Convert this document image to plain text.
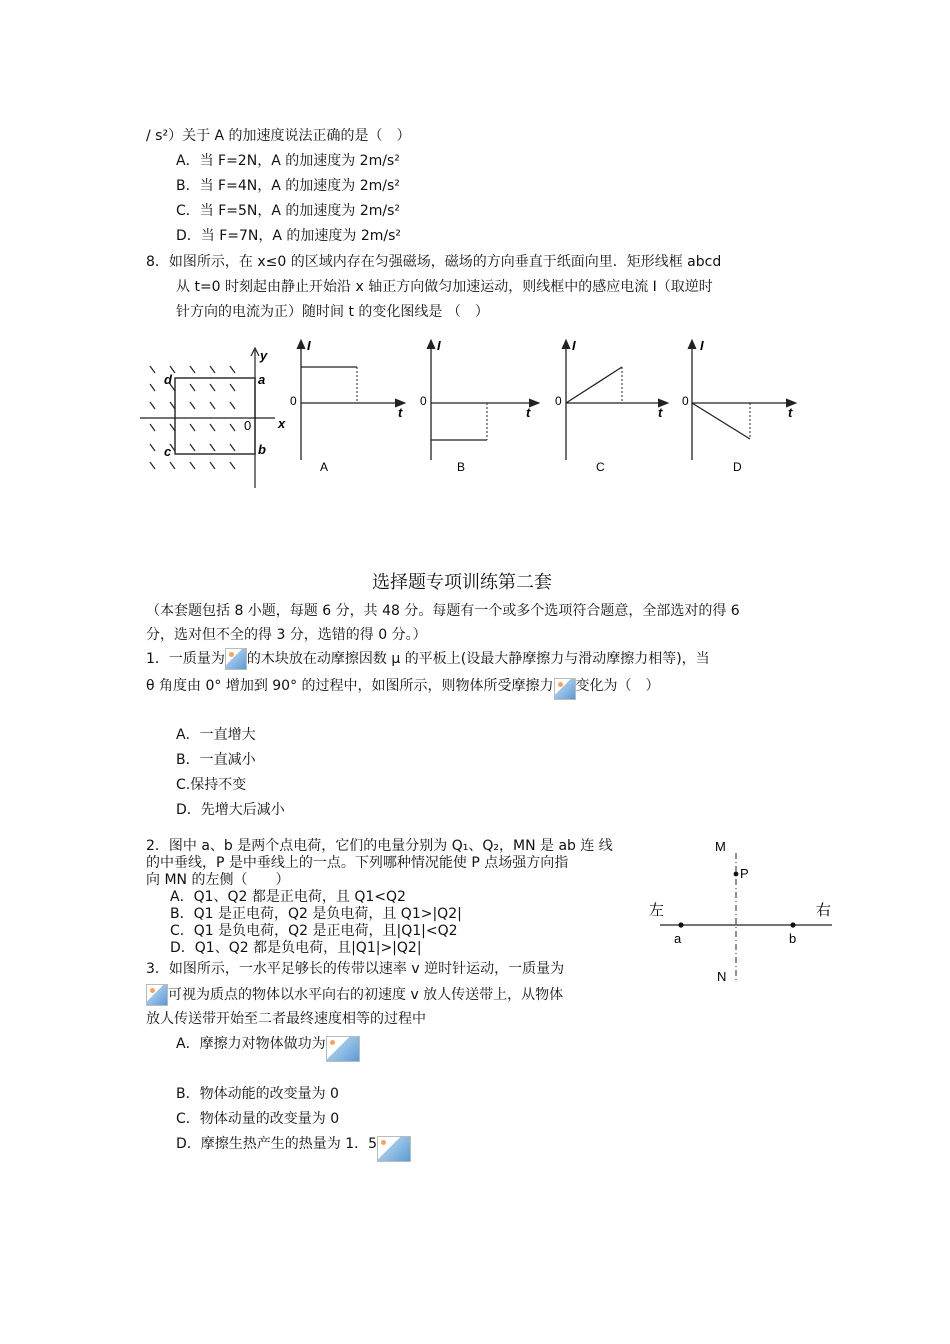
/ s²）关于 A 的加速度说法正确的是（　）
A．当 F=2N，A 的加速度为 2m/s²
B．当 F=4N，A 的加速度为 2m/s²
C．当 F=5N，A 的加速度为 2m/s²
D．当 F=7N，A 的加速度为 2m/s²
8．如图所示，在 x≤0 的区域内存在匀强磁场，磁场的方向垂直于纸面向里．矩形线框 abcd
从 t=0 时刻起由静止开始沿 x 轴正方向做匀加速运动，则线框中的感应电流 I（取逆时
针方向的电流为正）随时间 t 的变化图线是 （　）
y
x
0
a
b
c
d
I
t
0
A
I
t
0
B
I
t
0
C
I
t
0
D
选择题专项训练第二套
（本套题包括 8 小题，每题 6 分，共 48 分。每题有一个或多个选项符合题意，全部选对的得 6
分，选对但不全的得 3 分，选错的得 0 分。）
1．一质量为 的木块放在动摩擦因数 μ 的平板上(设最大静摩擦力与滑动摩擦力相等)，当
θ 角度由 0° 增加到 90° 的过程中，如图所示，则物体所受摩擦力 变化为（　）
A．一直增大
B．一直减小
C.保持不变
D．先增大后减小
2．图中 a、b 是两个点电荷，它们的电量分别为 Q₁、Q₂，MN 是 ab 连 线
的中垂线，P 是中垂线上的一点。下列哪种情况能使 P 点场强方向指
向 MN 的左侧（　　）
A．Q1、Q2 都是正电荷，且 Q1<Q2
B．Q1 是正电荷，Q2 是负电荷，且 Q1>|Q2|
C．Q1 是负电荷，Q2 是正电荷，且|Q1|<Q2
D．Q1、Q2 都是负电荷，且|Q1|>|Q2|
M
N
P
a	b
左	右
3．如图所示，一水平足够长的传带以速率 v 逆时针运动，一质量为
可视为质点的物体以水平向右的初速度 v 放人传送带上，从物体
放人传送带开始至二者最终速度相等的过程中
A．摩擦力对物体做功为
B．物体动能的改变量为 0
C．物体动量的改变量为 0
D．摩擦生热产生的热量为 1．5
